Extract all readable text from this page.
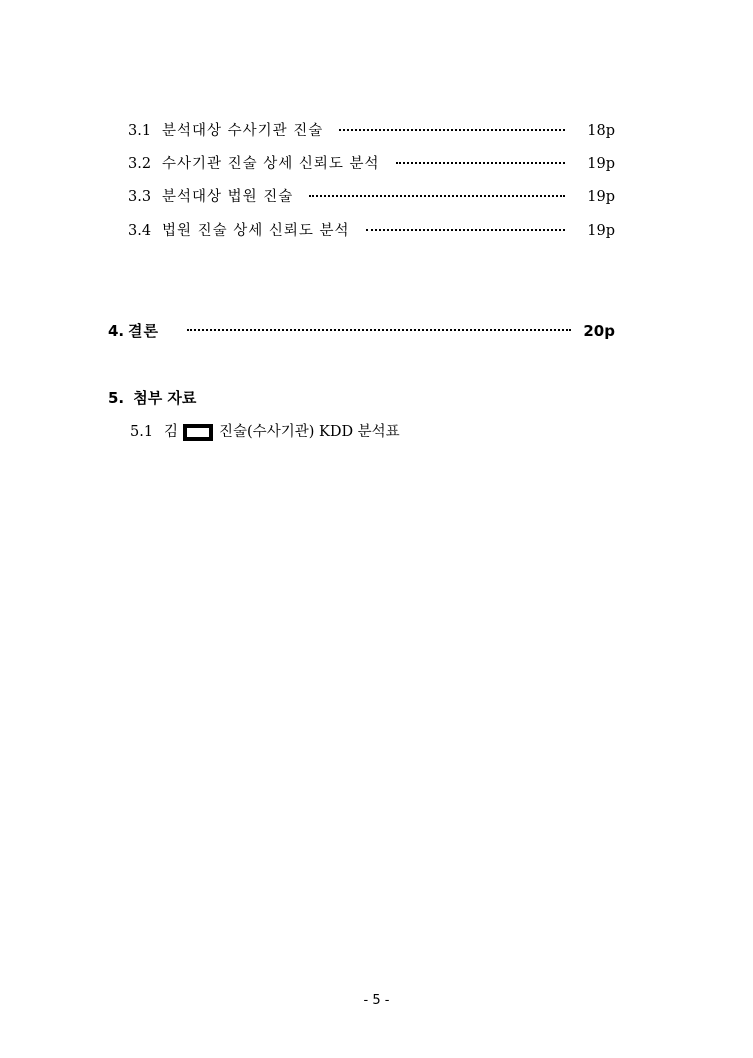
3.1 분석대상 수사기관 진술	18p
3.2 수사기관 진술 상세 신뢰도 분석	19p
3.3 분석대상 법원 진술	19p
3.4 법원 진술 상세 신뢰도 분석	19p
4. 결론	20p
5. 첨부 자료
5.1 김	진술(수사기관) KDD 분석표
- 5 -
